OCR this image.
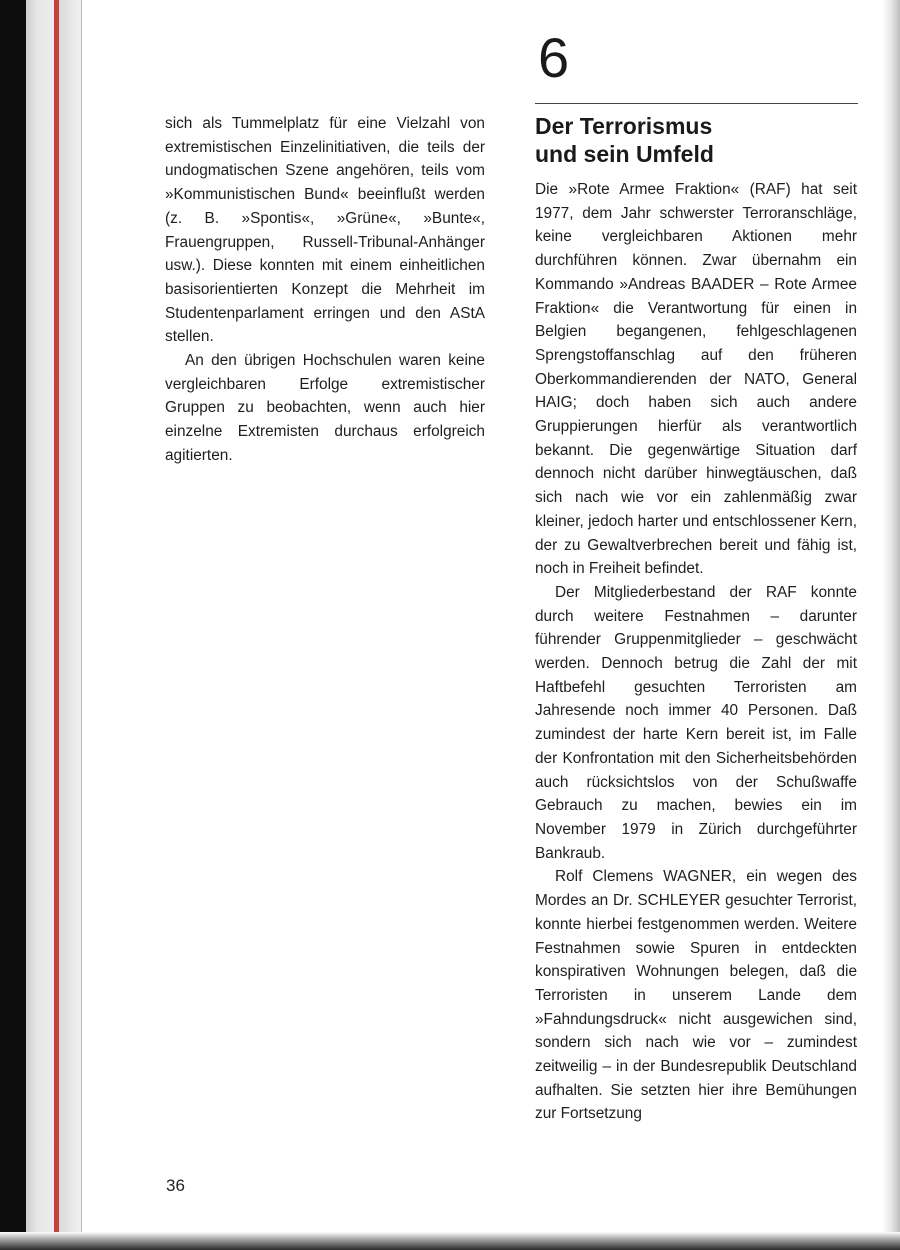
sich als Tummelplatz für eine Vielzahl von extremistischen Einzelinitiativen, die teils der undogmatischen Szene angehören, teils vom »Kommunistischen Bund« beeinflußt werden (z. B. »Spontis«, »Grüne«, »Bunte«, Frauengruppen, Russell-Tribunal-Anhänger usw.). Diese konnten mit einem einheitlichen basisorientierten Konzept die Mehrheit im Studentenparlament erringen und den AStA stellen.

An den übrigen Hochschulen waren keine vergleichbaren Erfolge extremistischer Gruppen zu beobachten, wenn auch hier einzelne Extremisten durchaus erfolgreich agitierten.

6
Der Terrorismus
und sein Umfeld

Die »Rote Armee Fraktion« (RAF) hat seit 1977, dem Jahr schwerster Terroranschläge, keine vergleichbaren Aktionen mehr durchführen können. Zwar übernahm ein Kommando »Andreas BAADER – Rote Armee Fraktion« die Verantwortung für einen in Belgien begangenen, fehlgeschlagenen Sprengstoffanschlag auf den früheren Oberkommandierenden der NATO, General HAIG; doch haben sich auch andere Gruppierungen hierfür als verantwortlich bekannt. Die gegenwärtige Situation darf dennoch nicht darüber hinwegtäuschen, daß sich nach wie vor ein zahlenmäßig zwar kleiner, jedoch harter und entschlossener Kern, der zu Gewaltverbrechen bereit und fähig ist, noch in Freiheit befindet.

Der Mitgliederbestand der RAF konnte durch weitere Festnahmen – darunter führender Gruppenmitglieder – geschwächt werden. Dennoch betrug die Zahl der mit Haftbefehl gesuchten Terroristen am Jahresende noch immer 40 Personen. Daß zumindest der harte Kern bereit ist, im Falle der Konfrontation mit den Sicherheitsbehörden auch rücksichtslos von der Schußwaffe Gebrauch zu machen, bewies ein im November 1979 in Zürich durchgeführter Bankraub.

Rolf Clemens WAGNER, ein wegen des Mordes an Dr. SCHLEYER gesuchter Terrorist, konnte hierbei festgenommen werden. Weitere Festnahmen sowie Spuren in entdeckten konspirativen Wohnungen belegen, daß die Terroristen in unserem Lande dem »Fahndungsdruck« nicht ausgewichen sind, sondern sich nach wie vor – zumindest zeitweilig – in der Bundesrepublik Deutschland aufhalten. Sie setzten hier ihre Bemühungen zur Fortsetzung

36
